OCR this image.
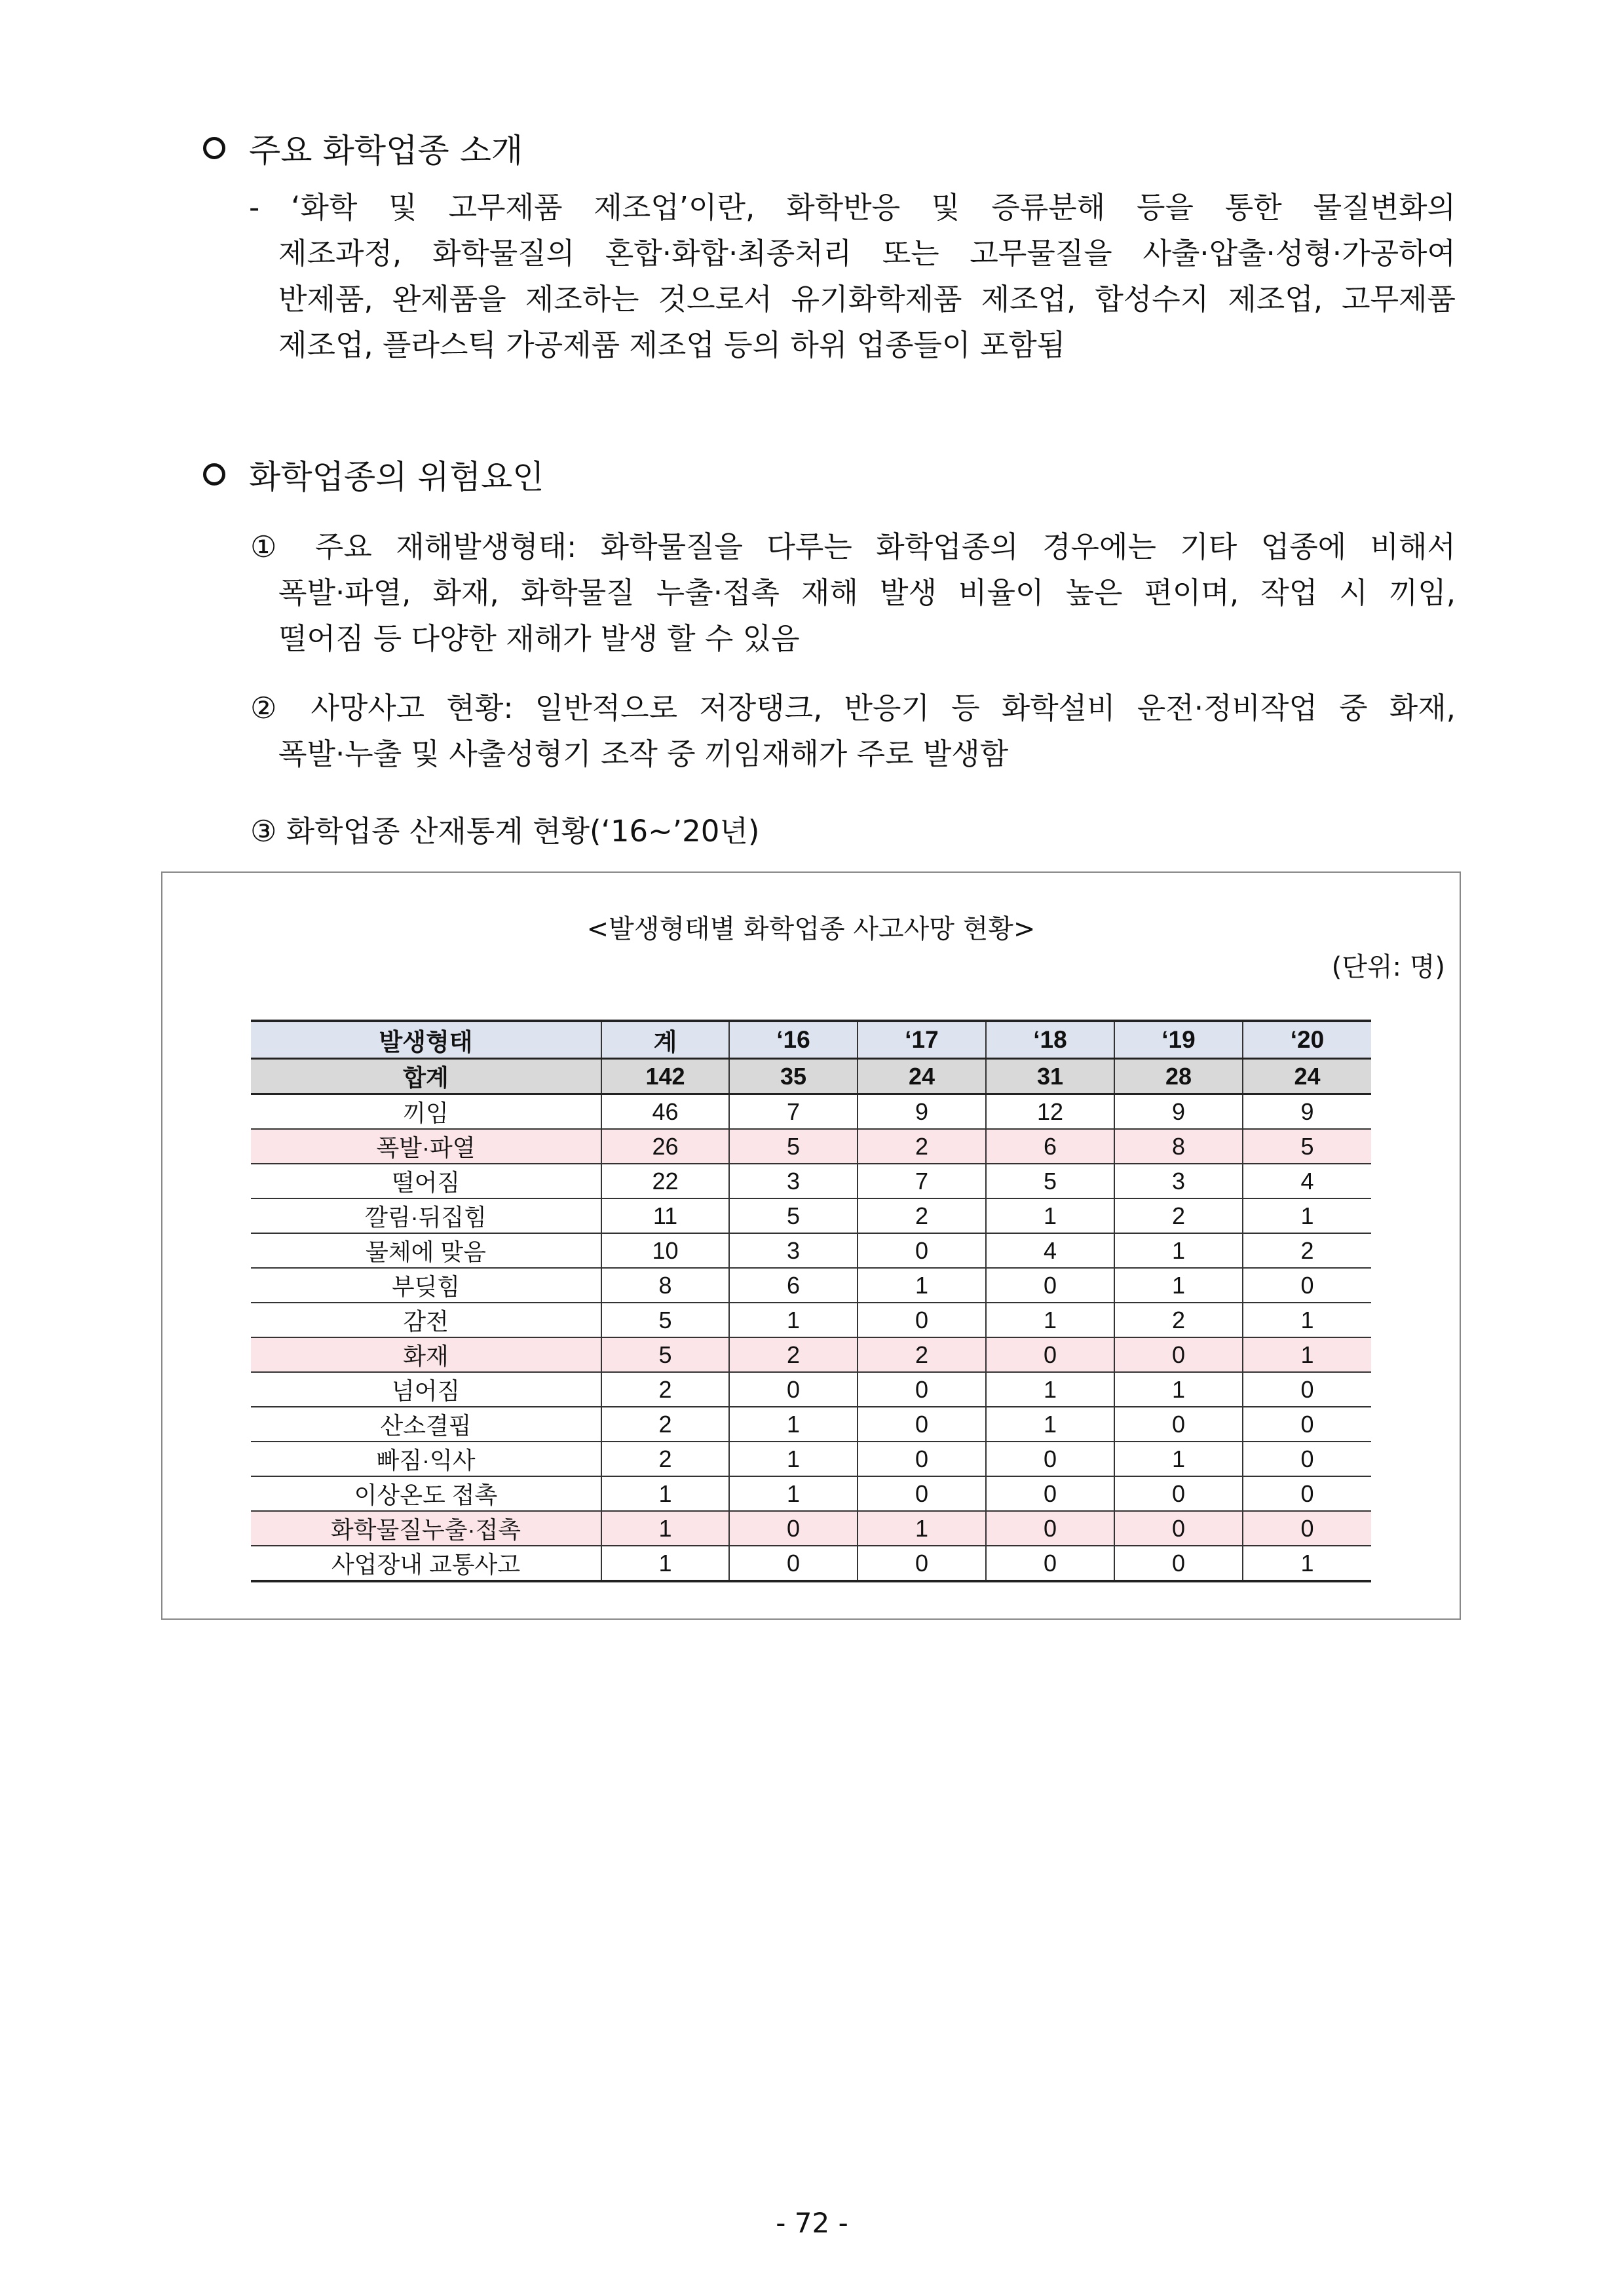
주요 화학업종 소개
- ‘화학 및 고무제품 제조업’이란, 화학반응 및 증류분해 등을 통한 물질변화의
제조과정, 화학물질의 혼합·화합·최종처리 또는 고무물질을 사출·압출·성형·가공하여
반제품, 완제품을 제조하는 것으로서 유기화학제품 제조업, 합성수지 제조업, 고무제품
제조업, 플라스틱 가공제품 제조업 등의 하위 업종들이 포함됨
화학업종의 위험요인
① 주요 재해발생형태: 화학물질을 다루는 화학업종의 경우에는 기타 업종에 비해서
폭발·파열, 화재, 화학물질 누출·접촉 재해 발생 비율이 높은 편이며, 작업 시 끼임,
떨어짐 등 다양한 재해가 발생 할 수 있음
② 사망사고 현황: 일반적으로 저장탱크, 반응기 등 화학설비 운전·정비작업 중 화재,
폭발·누출 및 사출성형기 조작 중 끼임재해가 주로 발생함
③ 화학업종 산재통계 현황(‘16~’20년)
<발생형태별 화학업종 사고사망 현황>
(단위: 명)
발생형태	계	‘16	‘17	‘18	‘19	‘20
합계	142	35	24	31	28	24
끼임	46	7	9	12	9	9
폭발·파열	26	5	2	6	8	5
떨어짐	22	3	7	5	3	4
깔림·뒤집힘	11	5	2	1	2	1
물체에 맞음	10	3	0	4	1	2
부딪힘	8	6	1	0	1	0
감전	5	1	0	1	2	1
화재	5	2	2	0	0	1
넘어짐	2	0	0	1	1	0
산소결핍	2	1	0	1	0	0
빠짐·익사	2	1	0	0	1	0
이상온도 접촉	1	1	0	0	0	0
화학물질누출·접촉	1	0	1	0	0	0
사업장내 교통사고	1	0	0	0	0	1
- 72 -
